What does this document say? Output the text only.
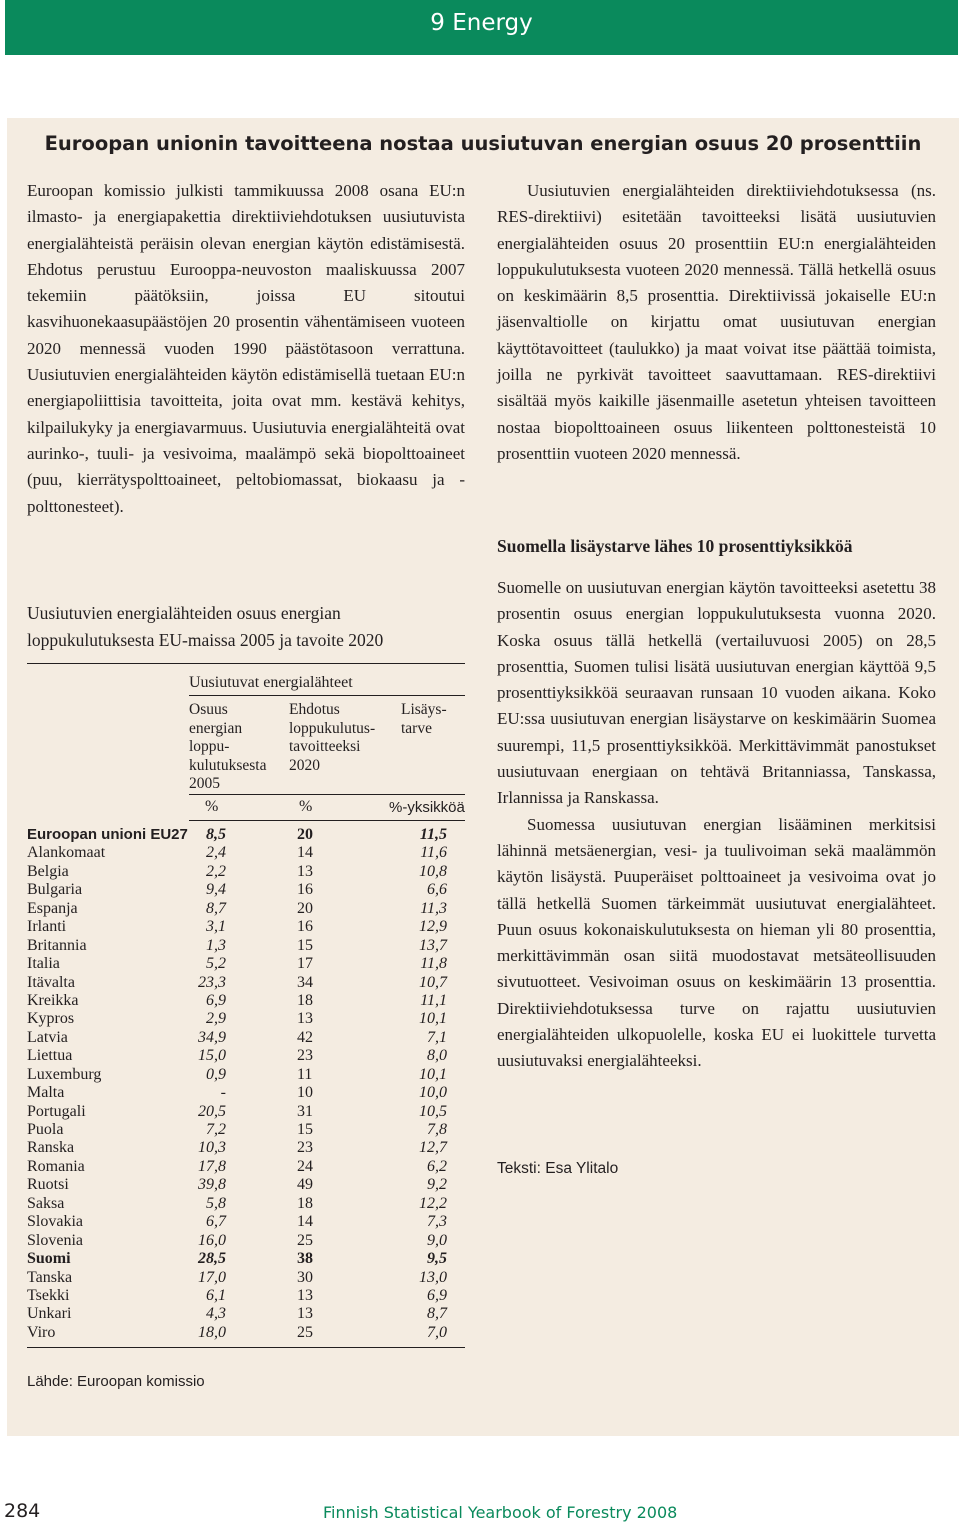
9 Energy
Euroopan unionin tavoitteena nostaa uusiutuvan energian osuus 20 prosenttiin

Euroopan komissio julkisti tammikuussa 2008 osana EU:n ilmasto- ja energiapakettia direktiiviehdotuksen uusiutuvista energialähteistä peräisin olevan energian käytön edistämisestä. Ehdotus perustuu Eurooppa-neuvoston maaliskuussa 2007 tekemiin päätöksiin, joissa EU sitoutui kasvihuonekaasupäästöjen 20 prosentin vähentämiseen vuoteen 2020 mennessä vuoden 1990 päästötasoon verrattuna. Uusiutuvien energialähteiden käytön edistämisellä tuetaan EU:n energiapoliittisia tavoitteita, joita ovat mm. kestävä kehitys, kilpailukyky ja energiavarmuus. Uusiutuvia energialähteitä ovat aurinko-, tuuli- ja vesivoima, maalämpö sekä biopolttoaineet (puu, kierrätyspolttoaineet, peltobiomassat, biokaasu ja -polttonesteet).

Uusiutuvien energialähteiden direktiiviehdotuksessa (ns. RES-direktiivi) esitetään tavoitteeksi lisätä uusiutuvien energialähteiden osuus 20 prosenttiin EU:n energialähteiden loppukulutuksesta vuoteen 2020 mennessä. Tällä hetkellä osuus on keskimäärin 8,5 prosenttia. Direktiivissä jokaiselle EU:n jäsenvaltiolle on kirjattu omat uusiutuvan energian käyttötavoitteet (taulukko) ja maat voivat itse päättää toimista, joilla ne pyrkivät tavoitteet saavuttamaan. RES-direktiivi sisältää myös kaikille jäsenmaille asetetun yhteisen tavoitteen nostaa biopolttoaineen osuus liikenteen polttonesteistä 10 prosenttiin vuoteen 2020 mennessä.

Suomella lisäystarve lähes 10 prosenttiyksikköä

Suomelle on uusiutuvan energian käytön tavoitteeksi asetettu 38 prosentin osuus energian loppukulutuksesta vuonna 2020. Koska osuus tällä hetkellä (vertailuvuosi 2005) on 28,5 prosenttia, Suomen tulisi lisätä uusiutuvan energian käyttöä 9,5 prosenttiyksikköä seuraavan runsaan 10 vuoden aikana. Koko EU:ssa uusiutuvan energian lisäystarve on keskimäärin Suomea suurempi, 11,5 prosenttiyksikköä. Merkittävimmät panostukset uusiutuvaan energiaan on tehtävä Britanniassa, Tanskassa, Irlannissa ja Ranskassa.

Suomessa uusiutuvan energian lisääminen merkitsisi lähinnä metsäenergian, vesi- ja tuulivoiman sekä maalämmön käytön lisäystä. Puuperäiset polttoaineet ja vesivoima ovat jo tällä hetkellä Suomen tärkeimmät uusiutuvat energialähteet. Puun osuus kokonaiskulutuksesta on hieman yli 80 prosenttia, merkittävimmän osan siitä muodostavat metsäteollisuuden sivutuotteet. Vesivoiman osuus on keskimäärin 13 prosenttia. Direktiiviehdotuksessa turve on rajattu uusiutuvien energialähteiden ulkopuolelle, koska EU ei luokittele turvetta uusiutuvaksi energialähteeksi.

Teksti: Esa Ylitalo
Uusiutuvien energialähteiden osuus energian
loppukulutuksesta EU-maissa 2005 ja tavoite 2020
Uusiutuvat energialähteet
Osuus
energian
loppu-
kulutuksesta
2005
Ehdotus
loppukulutus-
tavoitteeksi
2020
Lisäys-
tarve
%	%	%-yksikköä
Euroopan unioni EU27 8,5	20	11,5
Alankomaat	2,4	14	11,6
Belgia	2,2	13	10,8
Bulgaria	9,4	16	6,6
Espanja	8,7	20	11,3
Irlanti	3,1	16	12,9
Britannia	1,3	15	13,7
Italia	5,2	17	11,8
Itävalta	23,3	34	10,7
Kreikka	6,9	18	11,1
Kypros	2,9	13	10,1
Latvia	34,9	42	7,1
Liettua	15,0	23	8,0
Luxemburg	0,9	11	10,1
Malta	-	10	10,0
Portugali	20,5	31	10,5
Puola	7,2	15	7,8
Ranska	10,3	23	12,7
Romania	17,8	24	6,2
Ruotsi	39,8	49	9,2
Saksa	5,8	18	12,2
Slovakia	6,7	14	7,3
Slovenia	16,0	25	9,0
Suomi	28,5	38	9,5
Tanska	17,0	30	13,0
Tsekki	6,1	13	6,9
Unkari	4,3	13	8,7
Viro	18,0	25	7,0
Lähde: Euroopan komissio
284	Finnish Statistical Yearbook of Forestry 2008
